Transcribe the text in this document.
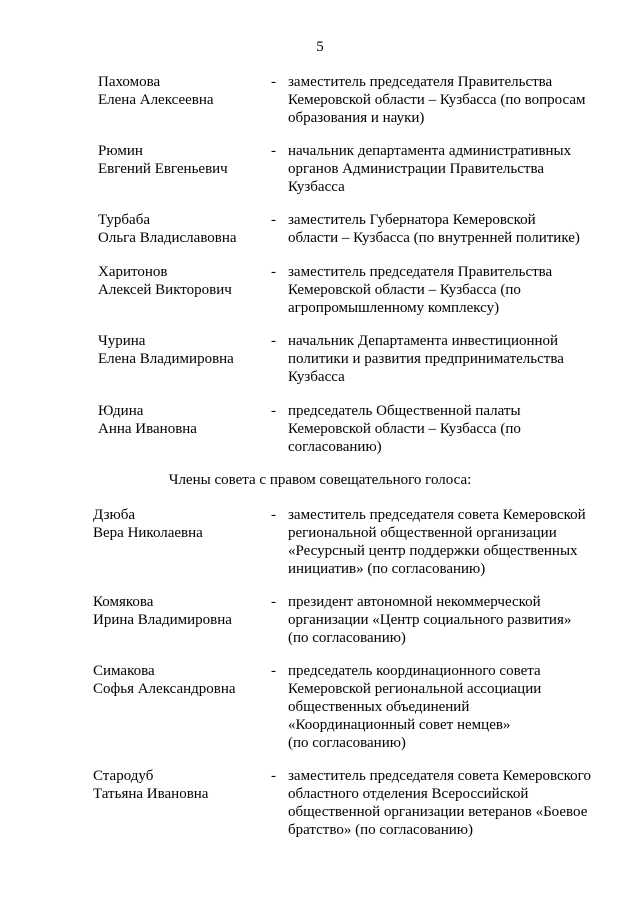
5
Пахомова
Елена Алексеевна
- заместитель председателя Правительства
Кемеровской области – Кузбасса (по вопросам
образования и науки)
Рюмин
Евгений Евгеньевич
- начальник департамента административных
органов Администрации Правительства
Кузбасса
Турбаба
Ольга Владиславовна
- заместитель Губернатора Кемеровской
области – Кузбасса (по внутренней политике)
Харитонов
Алексей Викторович
- заместитель председателя Правительства
Кемеровской области – Кузбасса (по
агропромышленному комплексу)
Чурина
Елена Владимировна
- начальник Департамента инвестиционной
политики и развития предпринимательства
Кузбасса
Юдина
Анна Ивановна
- председатель Общественной палаты
Кемеровской области – Кузбасса (по
согласованию)
Члены совета с правом совещательного голоса:
Дзюба
Вера Николаевна
- заместитель председателя совета Кемеровской
региональной общественной организации
«Ресурсный центр поддержки общественных
инициатив» (по согласованию)
Комякова
Ирина Владимировна
- президент автономной некоммерческой
организации «Центр социального развития»
(по согласованию)
Симакова
Софья Александровна
- председатель координационного совета
Кемеровской региональной ассоциации
общественных объединений
«Координационный совет немцев»
(по согласованию)
Стародуб
Татьяна Ивановна
- заместитель председателя совета Кемеровского
областного отделения Всероссийской
общественной организации ветеранов «Боевое
братство» (по согласованию)
